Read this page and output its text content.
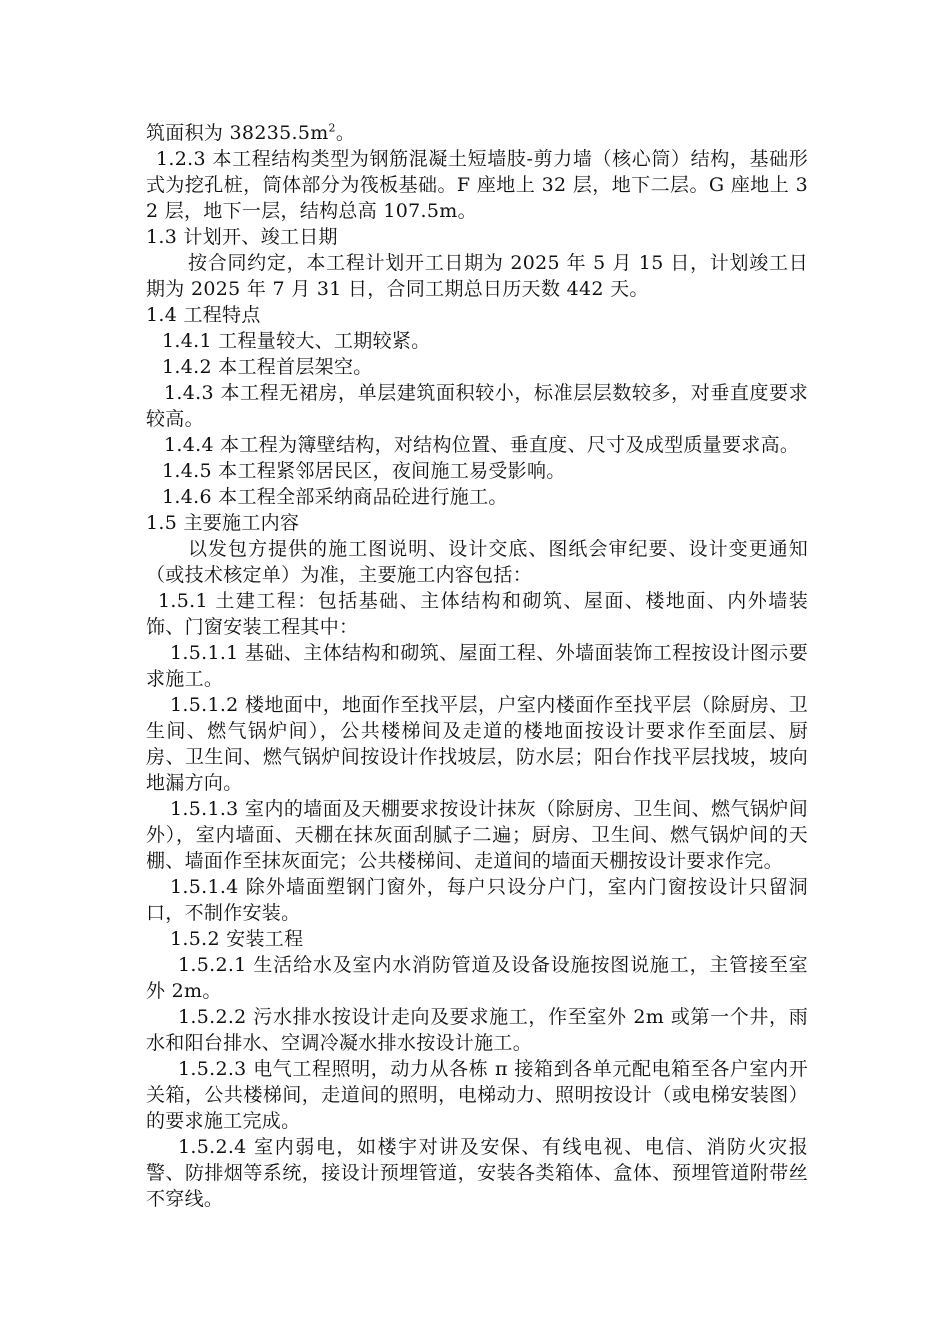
筑面积为 $38235.5m^2$。

1.2.3 本工程结构类型为钢筋混凝土短墙肢-剪力墙（核心筒）结构，基础形式为挖孔桩，筒体部分为筏板基础。F 座地上 32 层，地下二层。G 座地上 32 层，地下一层，结构总高 107.5m。

1.3 计划开、竣工日期

按合同约定，本工程计划开工日期为 2025 年 5 月 15 日，计划竣工日期为 2025 年 7 月 31 日，合同工期总日历天数 442 天。

1.4 工程特点

1.4.1 工程量较大、工期较紧。

1.4.2 本工程首层架空。

1.4.3 本工程无裙房，单层建筑面积较小，标准层层数较多，对垂直度要求较高。

1.4.4 本工程为簿壁结构，对结构位置、垂直度、尺寸及成型质量要求高。

1.4.5 本工程紧邻居民区，夜间施工易受影响。

1.4.6 本工程全部采纳商品砼进行施工。

1.5 主要施工内容

以发包方提供的施工图说明、设计交底、图纸会审纪要、设计变更通知（或技术核定单）为准，主要施工内容包括：

1.5.1 土建工程：包括基础、主体结构和砌筑、屋面、楼地面、内外墙装饰、门窗安装工程其中：

1.5.1.1 基础、主体结构和砌筑、屋面工程、外墙面装饰工程按设计图示要求施工。

1.5.1.2 楼地面中，地面作至找平层，户室内楼面作至找平层（除厨房、卫生间、燃气锅炉间），公共楼梯间及走道的楼地面按设计要求作至面层、厨房、卫生间、燃气锅炉间按设计作找坡层，防水层；阳台作找平层找坡，坡向地漏方向。

1.5.1.3 室内的墙面及天棚要求按设计抹灰（除厨房、卫生间、燃气锅炉间外），室内墙面、天棚在抹灰面刮腻子二遍；厨房、卫生间、燃气锅炉间的天棚、墙面作至抹灰面完；公共楼梯间、走道间的墙面天棚按设计要求作完。

1.5.1.4 除外墙面塑钢门窗外，每户只设分户门，室内门窗按设计只留洞口，不制作安装。

1.5.2 安装工程

1.5.2.1 生活给水及室内水消防管道及设备设施按图说施工，主管接至室外 2m。

1.5.2.2 污水排水按设计走向及要求施工，作至室外 2m 或第一个井，雨水和阳台排水、空调冷凝水排水按设计施工。

1.5.2.3 电气工程照明，动力从各栋 π 接箱到各单元配电箱至各户室内开关箱，公共楼梯间，走道间的照明，电梯动力、照明按设计（或电梯安装图）的要求施工完成。

1.5.2.4 室内弱电，如楼宇对讲及安保、有线电视、电信、消防火灾报警、防排烟等系统，接设计预埋管道，安装各类箱体、盒体、预埋管道附带丝不穿线。
